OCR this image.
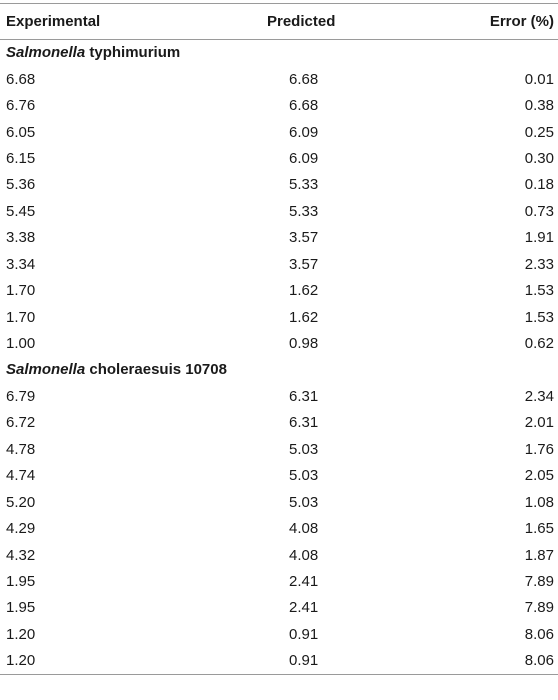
Experimental	Predicted	Error (%)
Salmonella typhimurium		
6.68	6.68	0.01
6.76	6.68	0.38
6.05	6.09	0.25
6.15	6.09	0.30
5.36	5.33	0.18
5.45	5.33	0.73
3.38	3.57	1.91
3.34	3.57	2.33
1.70	1.62	1.53
1.70	1.62	1.53
1.00	0.98	0.62
Salmonella choleraesuis 10708		
6.79	6.31	2.34
6.72	6.31	2.01
4.78	5.03	1.76
4.74	5.03	2.05
5.20	5.03	1.08
4.29	4.08	1.65
4.32	4.08	1.87
1.95	2.41	7.89
1.95	2.41	7.89
1.20	0.91	8.06
1.20	0.91	8.06
